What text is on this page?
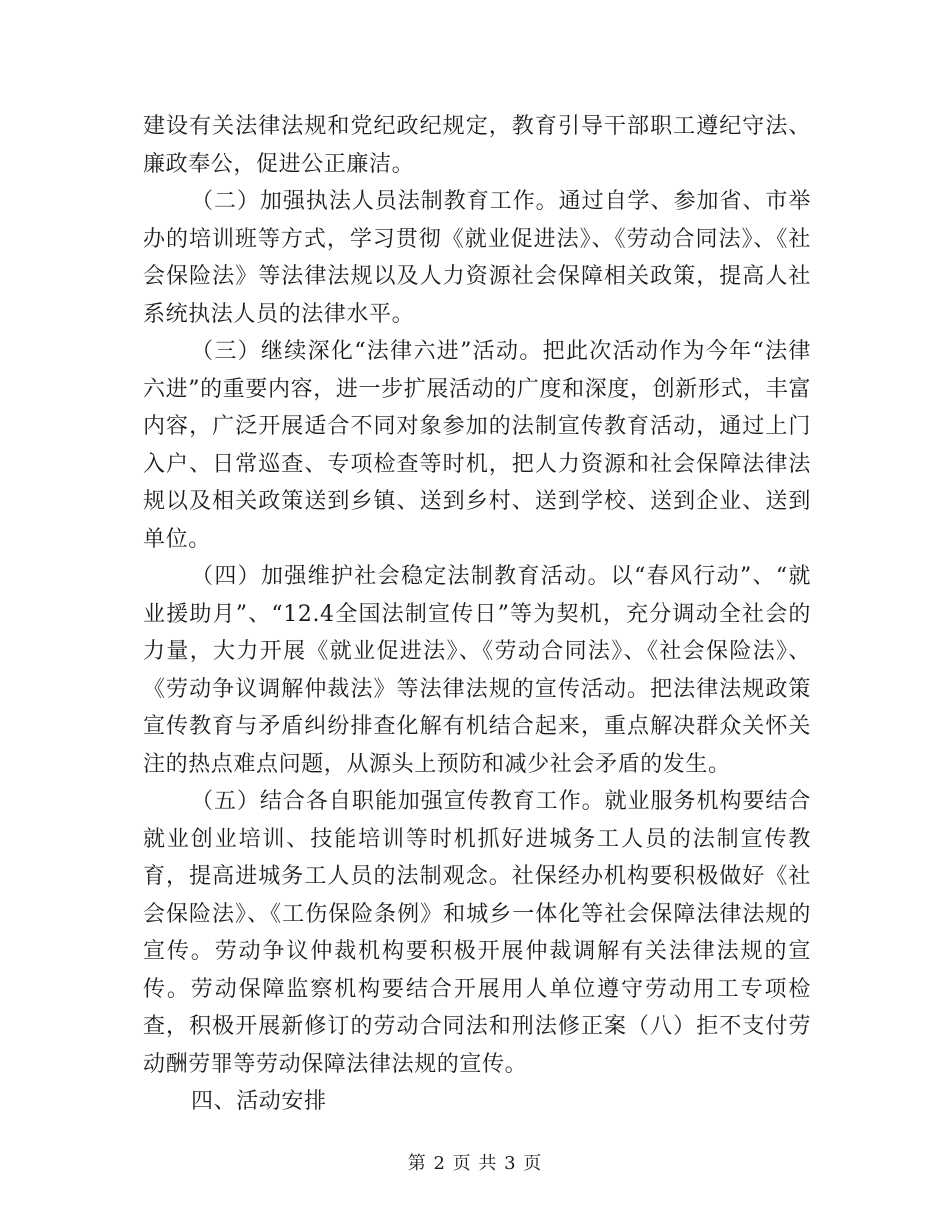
建设有关法律法规和党纪政纪规定，教育引导干部职工遵纪守法、廉政奉公，促进公正廉洁。

（二）加强执法人员法制教育工作。通过自学、参加省、市举办的培训班等方式，学习贯彻《就业促进法》、《劳动合同法》、《社会保险法》等法律法规以及人力资源社会保障相关政策，提高人社系统执法人员的法律水平。

（三）继续深化“法律六进”活动。把此次活动作为今年“法律六进”的重要内容，进一步扩展活动的广度和深度，创新形式，丰富内容，广泛开展适合不同对象参加的法制宣传教育活动，通过上门入户、日常巡查、专项检查等时机，把人力资源和社会保障法律法规以及相关政策送到乡镇、送到乡村、送到学校、送到企业、送到单位。

（四）加强维护社会稳定法制教育活动。以“春风行动”、“就业援助月”、“12.4全国法制宣传日”等为契机，充分调动全社会的力量，大力开展《就业促进法》、《劳动合同法》、《社会保险法》、《劳动争议调解仲裁法》等法律法规的宣传活动。把法律法规政策宣传教育与矛盾纠纷排查化解有机结合起来，重点解决群众关怀关注的热点难点问题，从源头上预防和减少社会矛盾的发生。

（五）结合各自职能加强宣传教育工作。就业服务机构要结合就业创业培训、技能培训等时机抓好进城务工人员的法制宣传教育，提高进城务工人员的法制观念。社保经办机构要积极做好《社会保险法》、《工伤保险条例》和城乡一体化等社会保障法律法规的宣传。劳动争议仲裁机构要积极开展仲裁调解有关法律法规的宣传。劳动保障监察机构要结合开展用人单位遵守劳动用工专项检查，积极开展新修订的劳动合同法和刑法修正案（八）拒不支付劳动酬劳罪等劳动保障法律法规的宣传。

四、活动安排

第 2 页 共 3 页
